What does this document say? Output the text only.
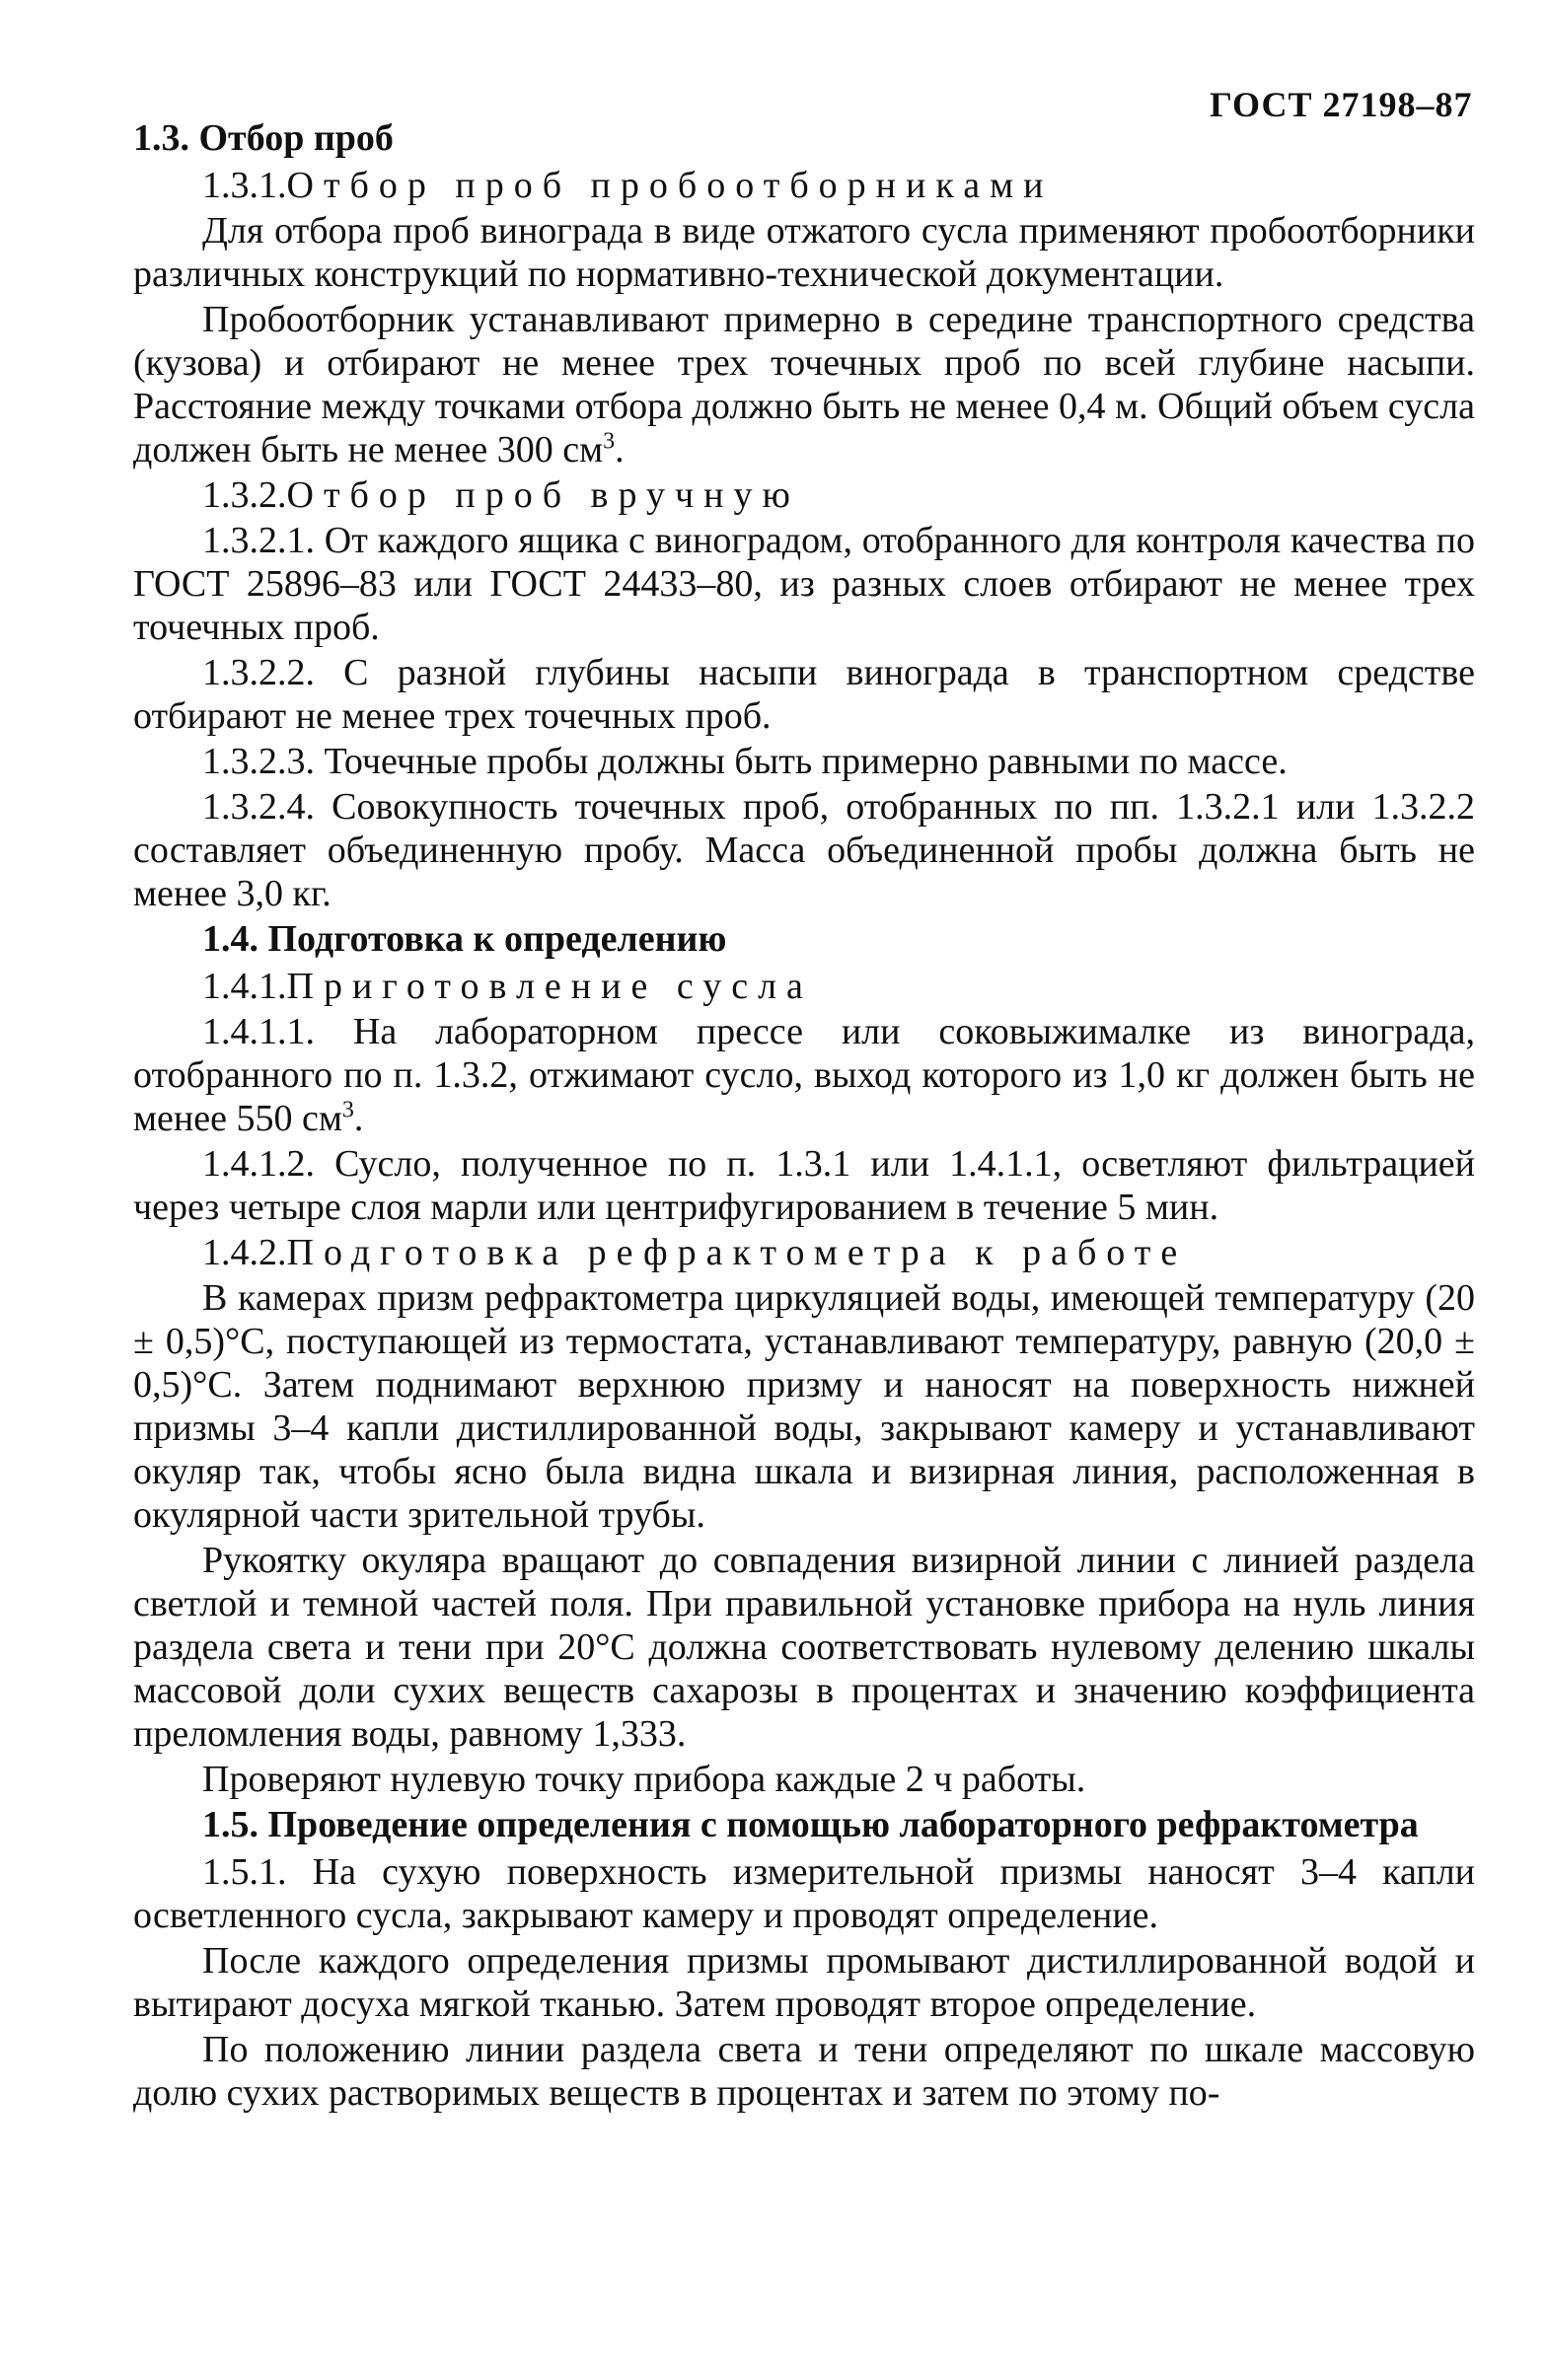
ГОСТ 27198–87
1.3. Отбор проб
1.3.1.Отбор проб пробоотборниками

Для отбора проб винограда в виде отжатого сусла применяют пробоотборники различных конструкций по нормативно-технической документации.

Пробоотборник устанавливают примерно в середине транспортного средства (кузова) и отбирают не менее трех точечных проб по всей глубине насыпи. Расстояние между точками отбора должно быть не менее 0,4 м. Общий объем сусла должен быть не менее 300 $см^3$.

1.3.2.Отбор проб вручную

1.3.2.1. От каждого ящика с виноградом, отобранного для контроля качества по ГОСТ 25896–83 или ГОСТ 24433–80, из разных слоев отбирают не менее трех точечных проб.

1.3.2.2. С разной глубины насыпи винограда в транспортном средстве отбирают не менее трех точечных проб.

1.3.2.3. Точечные пробы должны быть примерно равными по массе.

1.3.2.4. Совокупность точечных проб, отобранных по пп. 1.3.2.1 или 1.3.2.2 составляет объединенную пробу. Масса объединенной пробы должна быть не менее 3,0 кг.

1.4. Подготовка к определению
1.4.1.Приготовление сусла

1.4.1.1. На лабораторном прессе или соковыжималке из винограда, отобранного по п. 1.3.2, отжимают сусло, выход которого из 1,0 кг должен быть не менее 550 $см^3$.

1.4.1.2. Сусло, полученное по п. 1.3.1 или 1.4.1.1, осветляют фильтрацией через четыре слоя марли или центрифугированием в течение 5 мин.

1.4.2.Подготовка рефрактометра к работе

В камерах призм рефрактометра циркуляцией воды, имеющей температуру (20 ± 0,5)°С, поступающей из термостата, устанавливают температуру, равную (20,0 ± 0,5)°С. Затем поднимают верхнюю призму и наносят на поверхность нижней призмы 3–4 капли дистиллированной воды, закрывают камеру и устанавливают окуляр так, чтобы ясно была видна шкала и визирная линия, расположенная в окулярной части зрительной трубы.

Рукоятку окуляра вращают до совпадения визирной линии с линией раздела светлой и темной частей поля. При правильной установке прибора на нуль линия раздела света и тени при 20°С должна соответствовать нулевому делению шкалы массовой доли сухих веществ сахарозы в процентах и значению коэффициента преломления воды, равному 1,333.

Проверяют нулевую точку прибора каждые 2 ч работы.

1.5. Проведение определения с помощью лабораторного рефрактометра

1.5.1. На сухую поверхность измерительной призмы наносят 3–4 капли осветленного сусла, закрывают камеру и проводят определение.

После каждого определения призмы промывают дистиллированной водой и вытирают досуха мягкой тканью. Затем проводят второе определение.

По положению линии раздела света и тени определяют по шкале массовую долю сухих растворимых веществ в процентах и затем по этому по-
